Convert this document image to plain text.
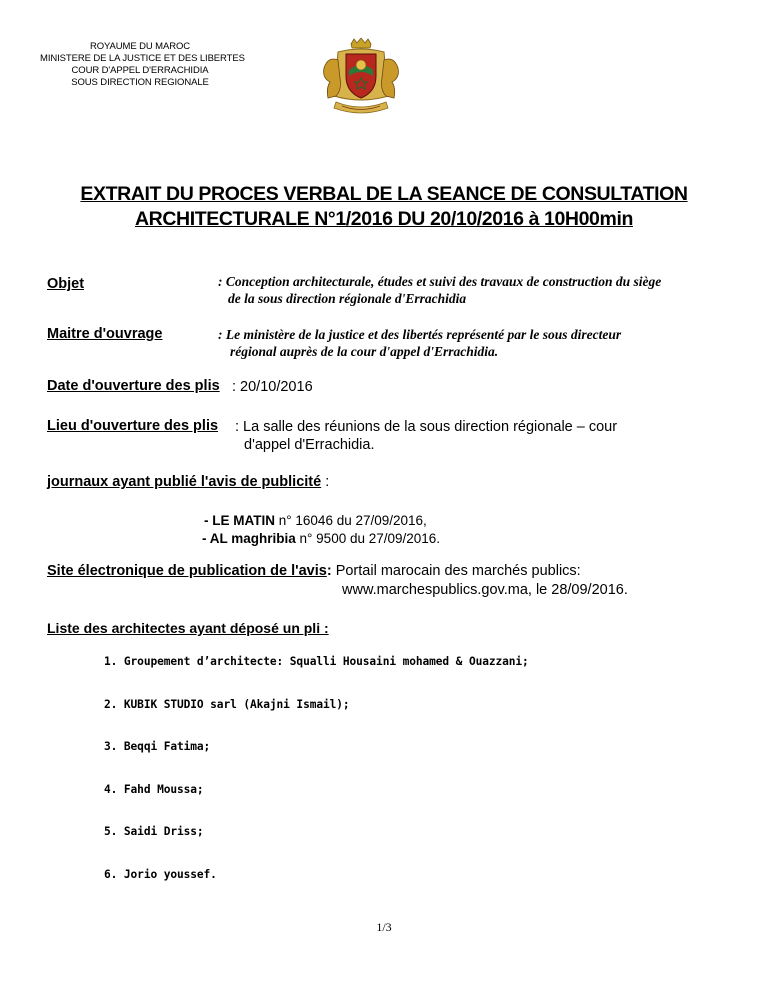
ROYAUME DU MAROC
MINISTERE DE LA JUSTICE ET DES LIBERTES
COUR D'APPEL D'ERRACHIDIA
SOUS DIRECTION REGIONALE
EXTRAIT DU PROCES VERBAL DE LA SEANCE DE CONSULTATION
ARCHITECTURALE N°1/2016 DU 20/10/2016 à 10H00min
Objet	: Conception architecturale, études et suivi des travaux de construction du siège
de la sous direction régionale d'Errachidia
Maitre d'ouvrage	: Le ministère de la justice et des libertés représenté par le sous directeur
régional auprès de la cour d'appel d'Errachidia.
Date d'ouverture des plis : 20/10/2016
Lieu d'ouverture des plis : La salle des réunions de la sous direction régionale – cour
d'appel d'Errachidia.
journaux ayant publié l'avis de publicité :
- LE MATIN n° 16046 du 27/09/2016,
- AL maghribia n° 9500 du 27/09/2016.
Site électronique de publication de l'avis: Portail marocain des marchés publics:
www.marchespublics.gov.ma, le 28/09/2016.
Liste des architectes ayant déposé un pli :
1. Groupement d’architecte: Squalli Housaini mohamed & Ouazzani;
2. KUBIK STUDIO sarl (Akajni Ismail);
3. Beqqi Fatima;
4. Fahd Moussa;
5. Saidi Driss;
6. Jorio youssef.
1/3
